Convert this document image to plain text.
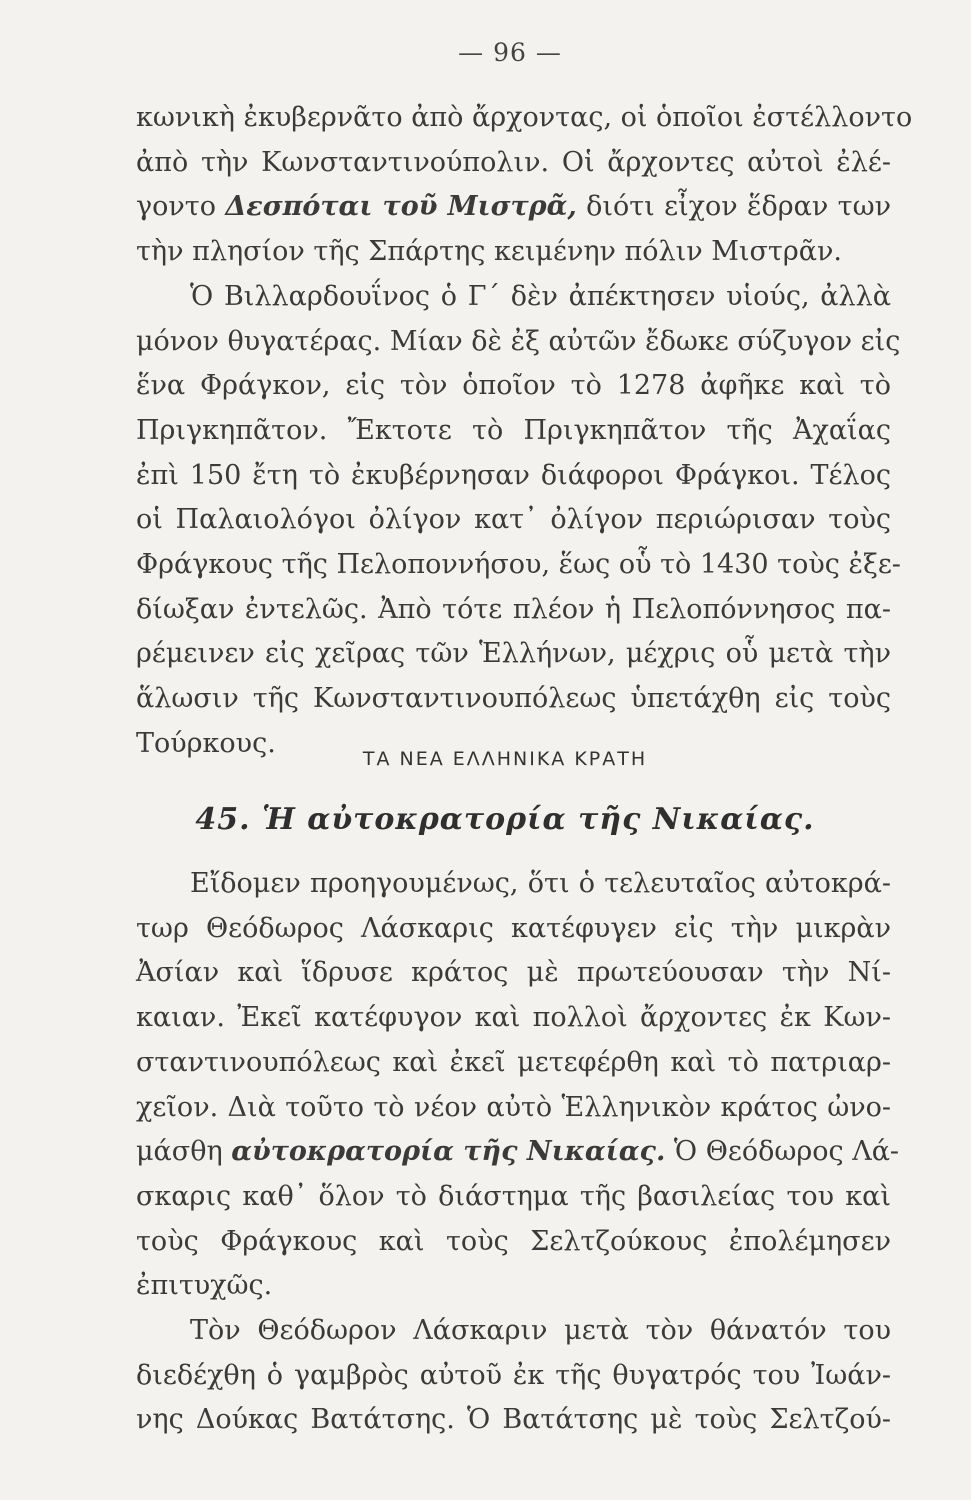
— 96 —
κωνικὴ ἐκυβερνᾶτο ἀπὸ ἄρχοντας, οἱ ὁποῖοι ἐστέλλοντο
ἀπὸ τὴν Κωνσταντινούπολιν. Οἱ ἄρχοντες αὐτοὶ ἐλέ-
γοντο Δεσπόται τοῦ Μιστρᾶ, διότι εἶχον ἕδραν των
τὴν πλησίον τῆς Σπάρτης κειμένην πόλιν Μιστρᾶν.
Ὁ Βιλλαρδουΐνος ὁ Γ΄ δὲν ἀπέκτησεν υἱούς, ἀλλὰ
μόνον θυγατέρας. Μίαν δὲ ἐξ αὐτῶν ἔδωκε σύζυγον εἰς
ἕνα Φράγκον, εἰς τὸν ὁποῖον τὸ 1278 ἀφῆκε καὶ τὸ
Πριγκηπᾶτον. Ἔκτοτε τὸ Πριγκηπᾶτον τῆς Ἀχαΐας
ἐπὶ 150 ἔτη τὸ ἐκυβέρνησαν διάφοροι Φράγκοι. Τέλος
οἱ Παλαιολόγοι ὀλίγον κατ᾿ ὀλίγον περιώρισαν τοὺς
Φράγκους τῆς Πελοποννήσου, ἕως οὗ τὸ 1430 τοὺς ἐξε-
δίωξαν ἐντελῶς. Ἀπὸ τότε πλέον ἡ Πελοπόννησος πα-
ρέμεινεν εἰς χεῖρας τῶν Ἑλλήνων, μέχρις οὗ μετὰ τὴν
ἅλωσιν τῆς Κωνσταντινουπόλεως ὑπετάχθη εἰς τοὺς
Τούρκους.
ΤΑ ΝΕΑ ΕΛΛΗΝΙΚΑ ΚΡΑΤΗ
45. Ἡ αὐτοκρατορία τῆς Νικαίας.
Εἴδομεν προηγουμένως, ὅτι ὁ τελευταῖος αὐτοκρά-
τωρ Θεόδωρος Λάσκαρις κατέφυγεν εἰς τὴν μικρὰν
Ἀσίαν καὶ ἵδρυσε κράτος μὲ πρωτεύουσαν τὴν Νί-
καιαν. Ἐκεῖ κατέφυγον καὶ πολλοὶ ἄρχοντες ἐκ Κων-
σταντινουπόλεως καὶ ἐκεῖ μετεφέρθη καὶ τὸ πατριαρ-
χεῖον. Διὰ τοῦτο τὸ νέον αὐτὸ Ἑλληνικὸν κράτος ὠνο-
μάσθη αὐτοκρατορία τῆς Νικαίας. Ὁ Θεόδωρος Λά-
σκαρις καθ᾿ ὅλον τὸ διάστημα τῆς βασιλείας του καὶ
τοὺς Φράγκους καὶ τοὺς Σελτζούκους ἐπολέμησεν
ἐπιτυχῶς.
Τὸν Θεόδωρον Λάσκαριν μετὰ τὸν θάνατόν του
διεδέχθη ὁ γαμβρὸς αὐτοῦ ἐκ τῆς θυγατρός του Ἰωάν-
νης Δούκας Βατάτσης. Ὁ Βατάτσης μὲ τοὺς Σελτζού-
